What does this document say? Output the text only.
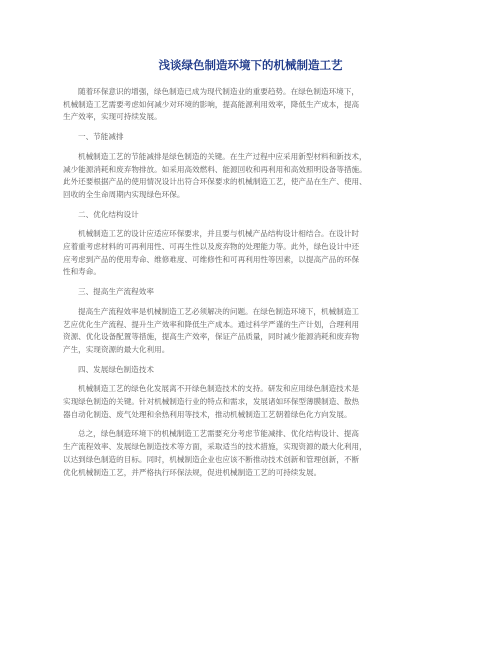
浅谈绿色制造环境下的机械制造工艺

随着环保意识的增强，绿色制造已成为现代制造业的重要趋势。在绿色制造环境下，
机械制造工艺需要考虑如何减少对环境的影响，提高能源利用效率，降低生产成本，提高
生产效率，实现可持续发展。

一、节能减排

机械制造工艺的节能减排是绿色制造的关键。在生产过程中应采用新型材料和新技术，
减少能源消耗和废弃物排放。如采用高效燃料、能源回收和再利用和高效照明设备等措施。
此外还要根据产品的使用情况设计出符合环保要求的机械制造工艺，使产品在生产、使用、
回收的全生命周期内实现绿色环保。

二、优化结构设计

机械制造工艺的设计应适应环保要求，并且要与机械产品结构设计相结合。在设计时
应着重考虑材料的可再利用性、可再生性以及废弃物的处理能力等。此外，绿色设计中还
应考虑到产品的使用寿命、维修难度、可维修性和可再利用性等因素，以提高产品的环保
性和寿命。

三、提高生产流程效率

提高生产流程效率是机械制造工艺必须解决的问题。在绿色制造环境下，机械制造工
艺应优化生产流程、提升生产效率和降低生产成本。通过科学严谨的生产计划，合理利用
资源、优化设备配置等措施，提高生产效率，保证产品质量，同时减少能源消耗和废弃物
产生，实现资源的最大化利用。

四、发展绿色制造技术

机械制造工艺的绿色化发展离不开绿色制造技术的支持。研发和应用绿色制造技术是
实现绿色制造的关键。针对机械制造行业的特点和需求，发展诸如环保型薄膜制造、散热
器自动化制造、废气处理和余热利用等技术，推动机械制造工艺朝着绿色化方向发展。

总之，绿色制造环境下的机械制造工艺需要充分考虑节能减排、优化结构设计、提高
生产流程效率、发展绿色制造技术等方面，采取适当的技术措施，实现资源的最大化利用，
以达到绿色制造的目标。同时，机械制造企业也应该不断推动技术创新和管理创新，不断
优化机械制造工艺，并严格执行环保法规，促进机械制造工艺的可持续发展。
